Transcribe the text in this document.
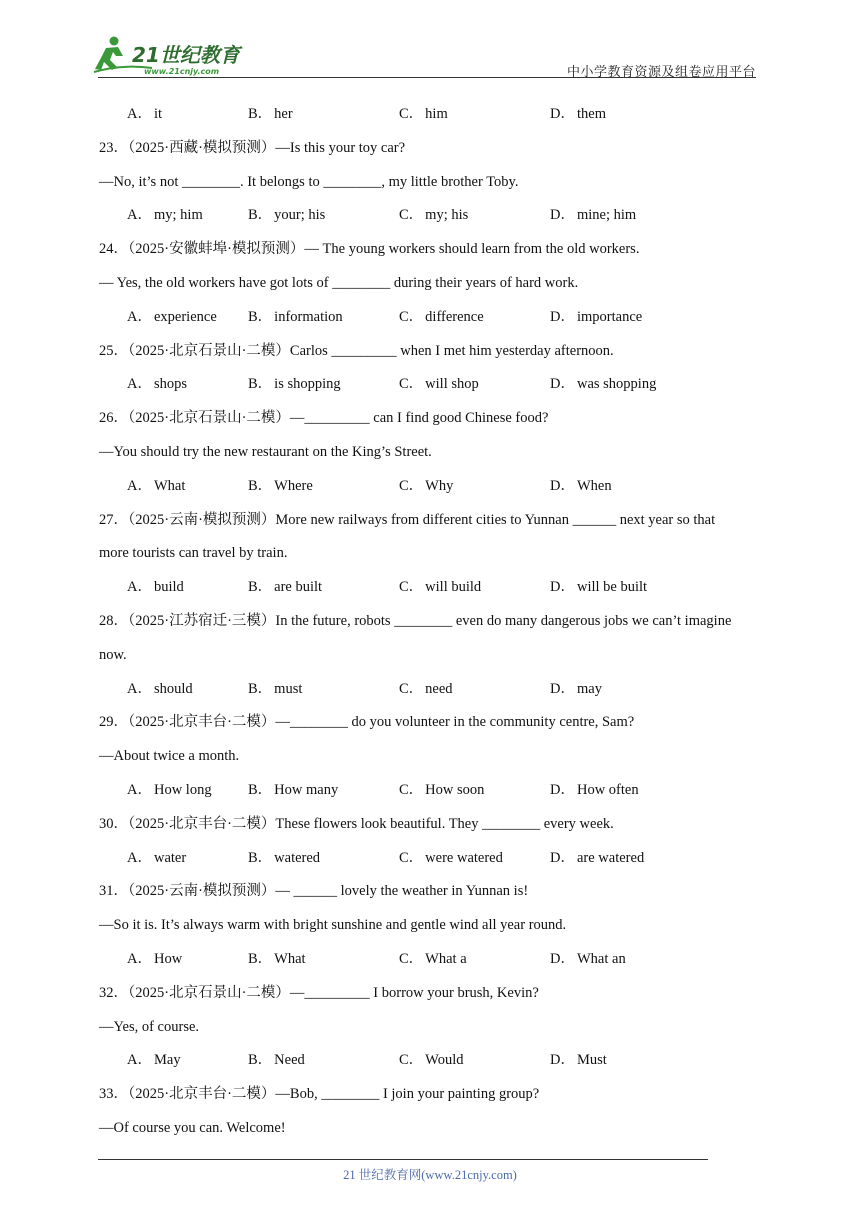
21世纪教育
www.21cnjy.com	中小学教育资源及组卷应用平台
A． it	B． her	C． him	D． them
23．（2025·西藏·模拟预测）—Is this your toy car?
—No, it’s not ________. It belongs to ________, my little brother Toby.
A． my; him	B． your; his	C． my; his	D． mine; him
24．（2025·安徽蚌埠·模拟预测）— The young workers should learn from the old workers.
— Yes, the old workers have got lots of ________ during their years of hard work.
A． experience B． information	C． difference	D． importance
25．（2025·北京石景山·二模）Carlos _________ when I met him yesterday afternoon.
A． shops	B． is shopping	C． will shop	D． was shopping
26．（2025·北京石景山·二模）—_________ can I find good Chinese food?
—You should try the new restaurant on the King’s Street.
A． What	B． Where	C． Why	D． When
27．（2025·云南·模拟预测）More new railways from different cities to Yunnan ______ next year so that
more tourists can travel by train.
A． build	B． are built	C． will build	D． will be built
28．（2025·江苏宿迁·三模）In the future, robots ________ even do many dangerous jobs we can’t imagine
now.
A． should	B． must	C． need	D． may
29．（2025·北京丰台·二模）—________ do you volunteer in the community centre, Sam?
—About twice a month.
A． How long	B． How many	C． How soon	D． How often
30．（2025·北京丰台·二模）These flowers look beautiful. They ________ every week.
A． water	B． watered	C． were watered	D． are watered
31．（2025·云南·模拟预测）— ______ lovely the weather in Yunnan is!
—So it is. It’s always warm with bright sunshine and gentle wind all year round.
A． How	B． What	C． What a	D． What an
32．（2025·北京石景山·二模）—_________ I borrow your brush, Kevin?
—Yes, of course.
A． May	B． Need	C． Would	D． Must
33．（2025·北京丰台·二模）—Bob, ________ I join your painting group?
—Of course you can. Welcome!
21 世纪教育网(www.21cnjy.com)
